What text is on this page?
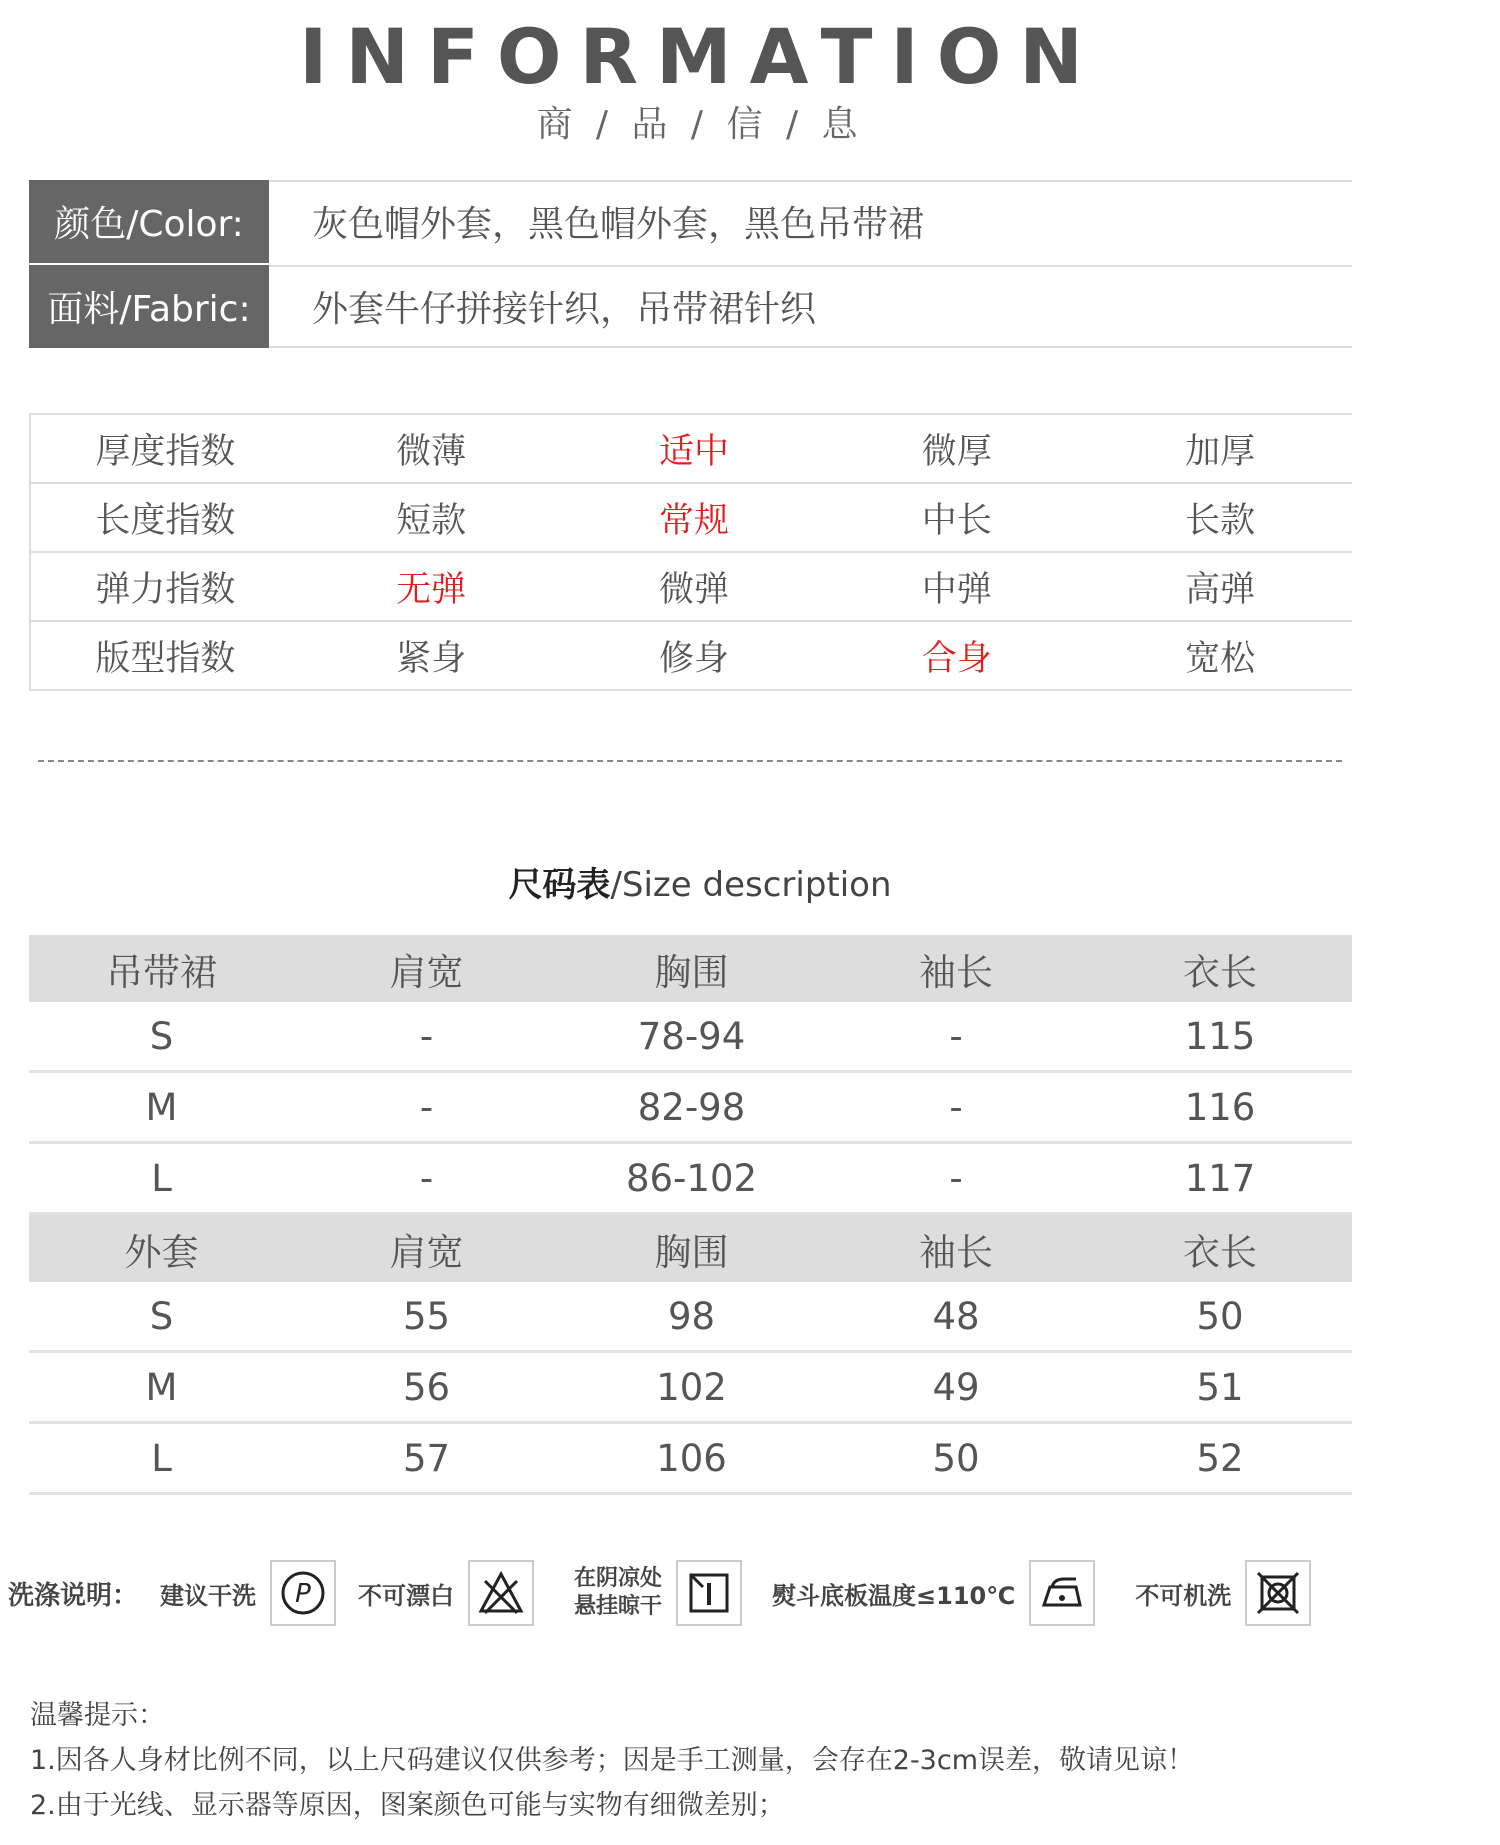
INFORMATION
商 / 品 / 信 / 息
颜色/Color:	灰色帽外套，黑色帽外套，黑色吊带裙
面料/Fabric:	外套牛仔拼接针织，吊带裙针织
厚度指数	微薄	适中	微厚	加厚
长度指数	短款	常规	中长	长款
弹力指数	无弹	微弹	中弹	高弹
版型指数	紧身	修身	合身	宽松
尺码表/Size description
吊带裙	肩宽	胸围	袖长	衣长
S	-	78-94	-	115
M	-	82-98	-	116
L	-	86-102	-	117
外套	肩宽	胸围	袖长	衣长
S	55	98	48	50
M	56	102	49	51
L	57	106	50	52
洗涤说明： 建议干洗 P 不可漂白
在阴凉处
悬挂晾干	熨斗底板温度≤110℃	不可机洗
温馨提示：
1.因各人身材比例不同，以上尺码建议仅供参考；因是手工测量，会存在2-3cm误差，敬请见谅！
2.由于光线、显示器等原因，图案颜色可能与实物有细微差别；
